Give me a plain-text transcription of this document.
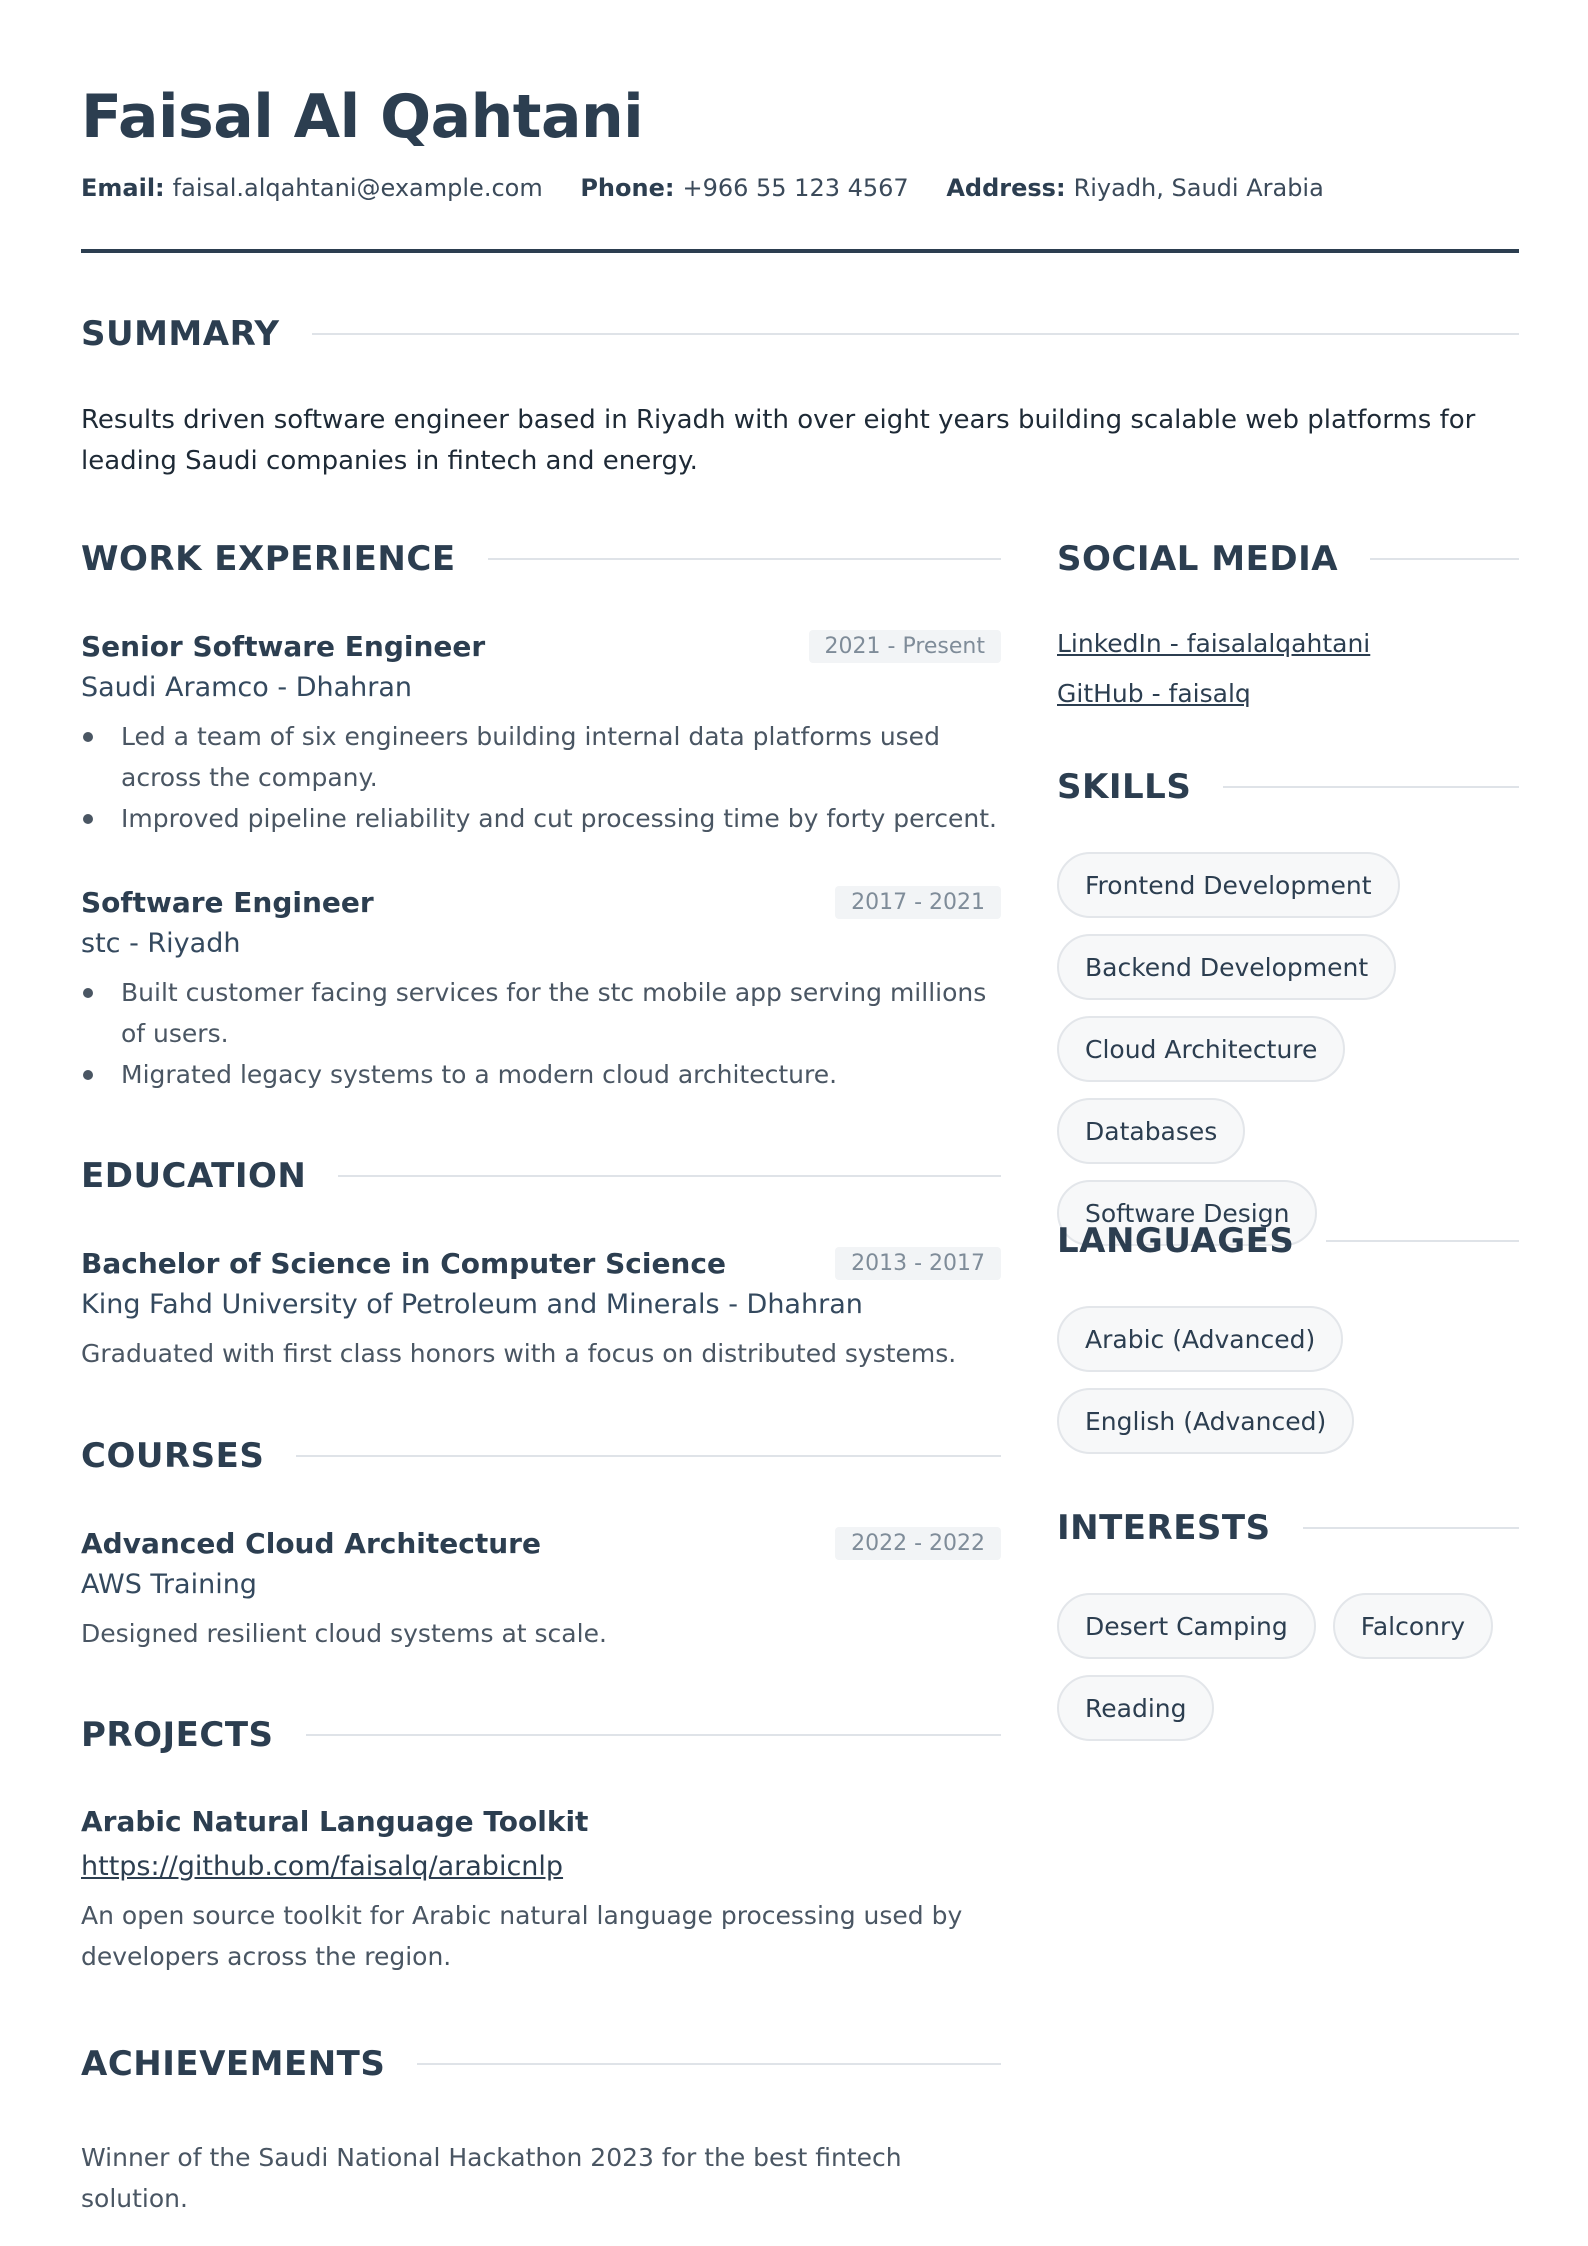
Faisal Al Qahtani
Email: faisal.alqahtani@example.com Phone: +966 55 123 4567 Address: Riyadh, Saudi Arabia
SUMMARY
Results driven software engineer based in Riyadh with over eight years building scalable web platforms for leading Saudi companies in fintech and energy.
WORK EXPERIENCE
Senior Software Engineer	2021 - Present
Saudi Aramco - Dhahran
Led a team of six engineers building internal data platforms used across the company.
Improved pipeline reliability and cut processing time by forty percent.
Software Engineer	2017 - 2021
stc - Riyadh
Built customer facing services for the stc mobile app serving millions of users.
Migrated legacy systems to a modern cloud architecture.
EDUCATION
Bachelor of Science in Computer Science	2013 - 2017
King Fahd University of Petroleum and Minerals - Dhahran
Graduated with first class honors with a focus on distributed systems.
COURSES
Advanced Cloud Architecture	2022 - 2022
AWS Training
Designed resilient cloud systems at scale.
PROJECTS
Arabic Natural Language Toolkit
https://github.com/faisalq/arabicnlp
An open source toolkit for Arabic natural language processing used by developers across the region.
ACHIEVEMENTS
Winner of the Saudi National Hackathon 2023 for the best fintech solution.
SOCIAL MEDIA
LinkedIn - faisalalqahtani
GitHub - faisalq
SKILLS
Frontend Development
Backend Development
Cloud Architecture
Databases
Software Design
LANGUAGES
Arabic (Advanced)
English (Advanced)
INTERESTS
Desert Camping	Falconry
Reading
